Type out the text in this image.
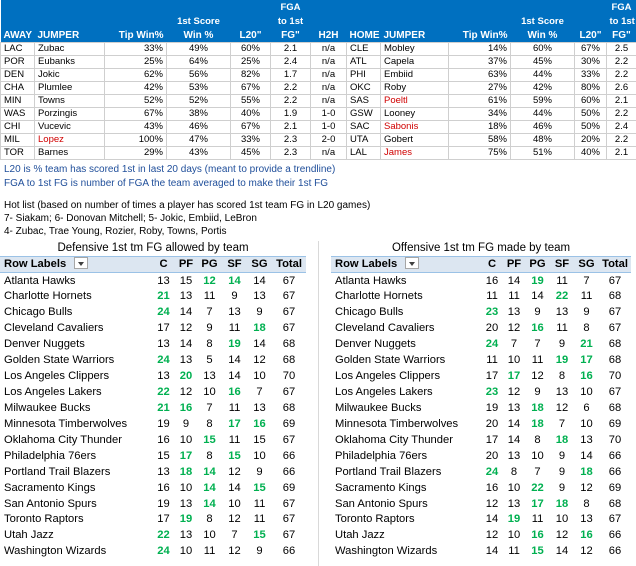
					FGA							FGA
			1st Score		to 1st					1st Score		to 1st
AWAY	JUMPER	Tip Win%	Win %	L20"	FG"	H2H	HOME	JUMPER	Tip Win%	Win %	L20"	FG"
LAC	Zubac	33%	49%	60%	2.1	n/a	CLE	Mobley	14%	60%	67%	2.5
POR	Eubanks	25%	64%	25%	2.4	n/a	ATL	Capela	37%	45%	30%	2.2
DEN	Jokic	62%	56%	82%	1.7	n/a	PHI	Embiid	63%	44%	33%	2.2
CHA	Plumlee	42%	53%	67%	2.2	n/a	OKC	Roby	27%	42%	80%	2.6
MIN	Towns	52%	52%	55%	2.2	n/a	SAS	Poeltl	61%	59%	60%	2.1
WAS	Porzingis	67%	38%	40%	1.9	1-0	GSW	Looney	34%	44%	50%	2.2
CHI	Vucevic	43%	46%	67%	2.1	1-0	SAC	Sabonis	18%	46%	50%	2.4
MIL	Lopez	100%	47%	33%	2.3	2-0	UTA	Gobert	58%	48%	20%	2.2
TOR	Barnes	29%	43%	45%	2.3	n/a	LAL	James	75%	51%	40%	2.1
L20 is % team has scored 1st in last 20 days (meant to provide a trendline)
FGA to 1st FG is number of FGA the team averaged to make their 1st FG
Hot list (based on number of times a player has scored 1st team FG in L20 games)
7- Siakam; 6- Donovan Mitchell; 5- Jokic, Embiid, LeBron
4- Zubac, Trae Young, Rozier, Roby, Towns, Portis
Defensive 1st tm FG allowed by team						
Row Labels	C	PF	PG	SF	SG	Total
Atlanta Hawks	13	15	12	14	14	67
Charlotte Hornets	21	13	11	9	13	67
Chicago Bulls	24	14	7	13	9	67
Cleveland Cavaliers	17	12	9	11	18	67
Denver Nuggets	13	14	8	19	14	68
Golden State Warriors	24	13	5	14	12	68
Los Angeles Clippers	13	20	13	14	10	70
Los Angeles Lakers	22	12	10	16	7	67
Milwaukee Bucks	21	16	7	11	13	68
Minnesota Timberwolves	19	9	8	17	16	69
Oklahoma City Thunder	16	10	15	11	15	67
Philadelphia 76ers	15	17	8	15	10	66
Portland Trail Blazers	13	18	14	12	9	66
Sacramento Kings	16	10	14	14	15	69
San Antonio Spurs	19	13	14	10	11	67
Toronto Raptors	17	19	8	12	11	67
Utah Jazz	22	13	10	7	15	67
Washington Wizards	24	10	11	12	9	66
Offensive 1st tm FG made by team						
Row Labels	C	PF	PG	SF	SG	Total
Atlanta Hawks	16	14	19	11	7	67
Charlotte Hornets	11	11	14	22	11	68
Chicago Bulls	23	13	9	13	9	67
Cleveland Cavaliers	20	12	16	11	8	67
Denver Nuggets	24	7	7	9	21	68
Golden State Warriors	11	10	11	19	17	68
Los Angeles Clippers	17	17	12	8	16	70
Los Angeles Lakers	23	12	9	13	10	67
Milwaukee Bucks	19	13	18	12	6	68
Minnesota Timberwolves	20	14	18	7	10	69
Oklahoma City Thunder	17	14	8	18	13	70
Philadelphia 76ers	20	13	10	9	14	66
Portland Trail Blazers	24	8	7	9	18	66
Sacramento Kings	16	10	22	9	12	69
San Antonio Spurs	12	13	17	18	8	68
Toronto Raptors	14	19	11	10	13	67
Utah Jazz	12	10	16	12	16	66
Washington Wizards	14	11	15	14	12	66
